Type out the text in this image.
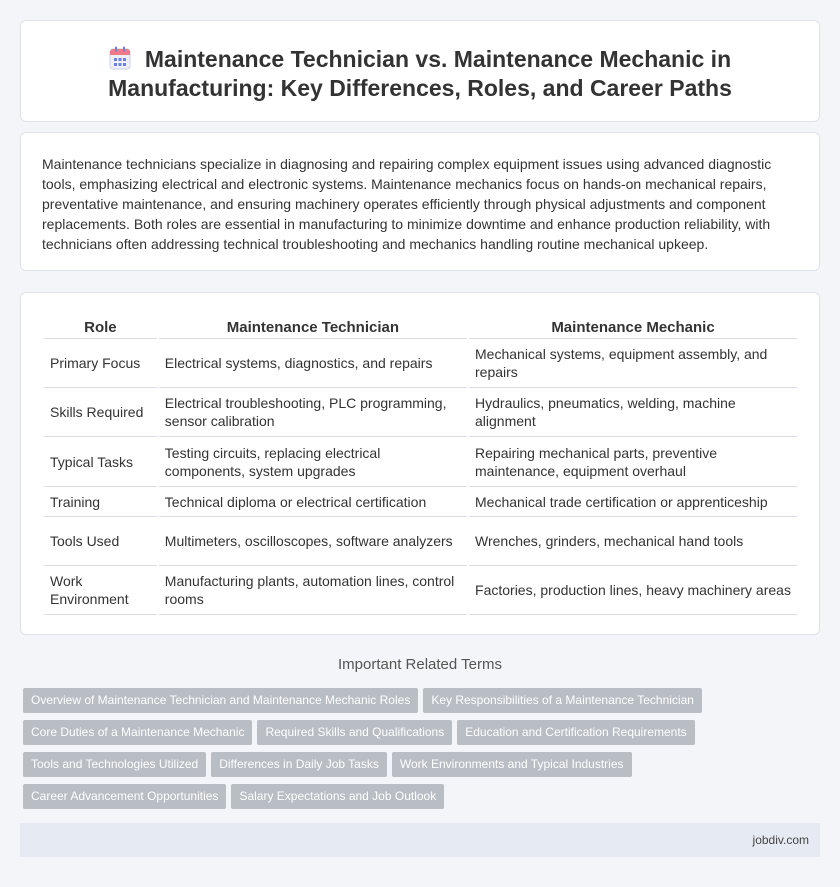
Maintenance Technician vs. Maintenance Mechanic in Manufacturing: Key Differences, Roles, and Career Paths

Maintenance technicians specialize in diagnosing and repairing complex equipment issues using advanced diagnostic tools, emphasizing electrical and electronic systems. Maintenance mechanics focus on hands-on mechanical repairs, preventative maintenance, and ensuring machinery operates efficiently through physical adjustments and component replacements. Both roles are essential in manufacturing to minimize downtime and enhance production reliability, with technicians often addressing technical troubleshooting and mechanics handling routine mechanical upkeep.

Role	Maintenance Technician	Maintenance Mechanic
Primary Focus	Electrical systems, diagnostics, and repairs	Mechanical systems, equipment assembly, and repairs
Skills Required	Electrical troubleshooting, PLC programming, sensor calibration	Hydraulics, pneumatics, welding, machine alignment
Typical Tasks	Testing circuits, replacing electrical components, system upgrades	Repairing mechanical parts, preventive maintenance, equipment overhaul
Training	Technical diploma or electrical certification	Mechanical trade certification or apprenticeship
Tools Used	Multimeters, oscilloscopes, software analyzers	Wrenches, grinders, mechanical hand tools
Work Environment	Manufacturing plants, automation lines, control rooms	Factories, production lines, heavy machinery areas
Important Related Terms
Overview of Maintenance Technician and Maintenance Mechanic Roles Key Responsibilities of a Maintenance Technician
Core Duties of a Maintenance Mechanic Required Skills and Qualifications Education and Certification Requirements
Tools and Technologies Utilized Differences in Daily Job Tasks Work Environments and Typical Industries
Career Advancement Opportunities Salary Expectations and Job Outlook
jobdiv.com
